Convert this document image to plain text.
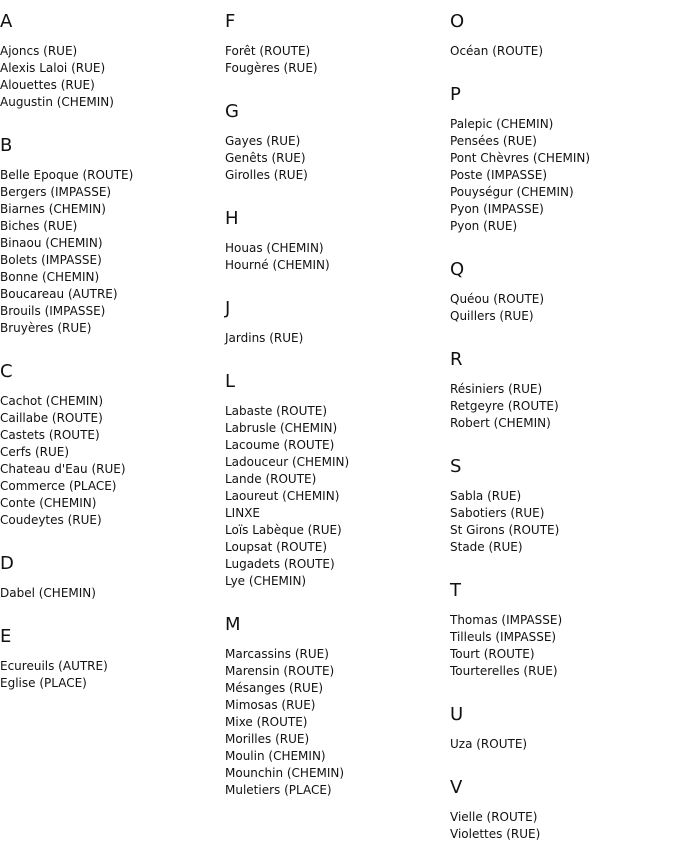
A
Ajoncs (RUE)
Alexis Laloi (RUE)
Alouettes (RUE)
Augustin (CHEMIN)
B
Belle Epoque (ROUTE)
Bergers (IMPASSE)
Biarnes (CHEMIN)
Biches (RUE)
Binaou (CHEMIN)
Bolets (IMPASSE)
Bonne (CHEMIN)
Boucareau (AUTRE)
Brouils (IMPASSE)
Bruyères (RUE)
C
Cachot (CHEMIN)
Caillabe (ROUTE)
Castets (ROUTE)
Cerfs (RUE)
Chateau d'Eau (RUE)
Commerce (PLACE)
Conte (CHEMIN)
Coudeytes (RUE)
D
Dabel (CHEMIN)
E
Ecureuils (AUTRE)
Eglise (PLACE)
F
Forêt (ROUTE)
Fougères (RUE)
G
Gayes (RUE)
Genêts (RUE)
Girolles (RUE)
H
Houas (CHEMIN)
Hourné (CHEMIN)
J
Jardins (RUE)
L
Labaste (ROUTE)
Labrusle (CHEMIN)
Lacoume (ROUTE)
Ladouceur (CHEMIN)
Lande (ROUTE)
Laoureut (CHEMIN)
LINXE
Loïs Labèque (RUE)
Loupsat (ROUTE)
Lugadets (ROUTE)
Lye (CHEMIN)
M
Marcassins (RUE)
Marensin (ROUTE)
Mésanges (RUE)
Mimosas (RUE)
Mixe (ROUTE)
Morilles (RUE)
Moulin (CHEMIN)
Mounchin (CHEMIN)
Muletiers (PLACE)
O
Océan (ROUTE)
P
Palepic (CHEMIN)
Pensées (RUE)
Pont Chèvres (CHEMIN)
Poste (IMPASSE)
Pouységur (CHEMIN)
Pyon (IMPASSE)
Pyon (RUE)
Q
Quéou (ROUTE)
Quillers (RUE)
R
Résiniers (RUE)
Retgeyre (ROUTE)
Robert (CHEMIN)
S
Sabla (RUE)
Sabotiers (RUE)
St Girons (ROUTE)
Stade (RUE)
T
Thomas (IMPASSE)
Tilleuls (IMPASSE)
Tourt (ROUTE)
Tourterelles (RUE)
U
Uza (ROUTE)
V
Vielle (ROUTE)
Violettes (RUE)
